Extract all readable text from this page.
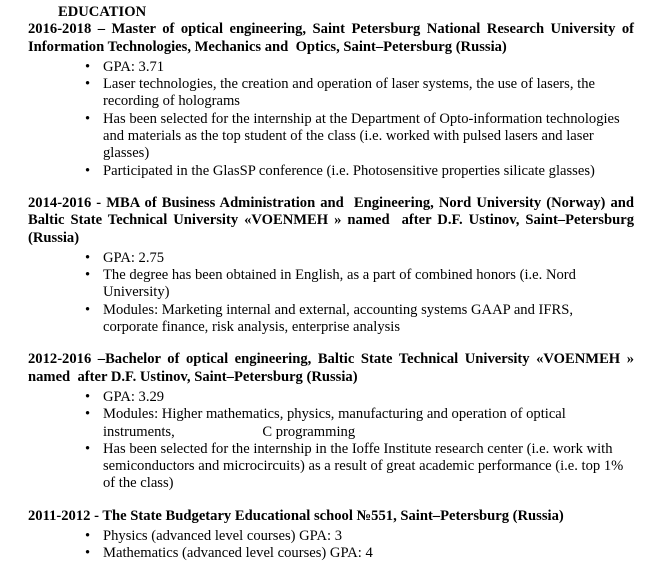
EDUCATION

2016-2018 – Master of optical engineering, Saint Petersburg National Research University of Information Technologies, Mechanics and  Optics, Saint–Petersburg (Russia)

• GPA: 3.71
• Laser technologies, the creation and operation of laser systems, the use of lasers, the recording of holograms
• Has been selected for the internship at the Department of Opto-information technologies and materials as the top student of the class (i.e. worked with pulsed lasers and laser glasses)
• Participated in the GlasSP conference (i.e. Photosensitive properties silicate glasses)

2014-2016 - MBA of Business Administration and  Engineering, Nord University (Norway) and Baltic State Technical University «VOENMEH » named  after D.F. Ustinov, Saint–Petersburg (Russia)

• GPA: 2.75
• The degree has been obtained in English, as a part of combined honors (i.e. Nord University)
• Modules: Marketing internal and external, accounting systems GAAP and IFRS,  corporate finance, risk analysis, enterprise analysis

2012-2016 –Bachelor of optical engineering, Baltic State Technical University «VOENMEH » named  after D.F. Ustinov, Saint–Petersburg (Russia)

• GPA: 3.29
• Modules: Higher mathematics, physics, manufacturing and operation of optical instruments,                        C programming
• Has been selected for the internship in the Ioffe Institute research center (i.e. work with semiconductors and microcircuits) as a result of great academic performance (i.e. top 1% of the class)

2011-2012 - The State Budgetary Educational school №551, Saint–Petersburg (Russia)

• Physics (advanced level courses) GPA: 3
• Mathematics (advanced level courses) GPA: 4
